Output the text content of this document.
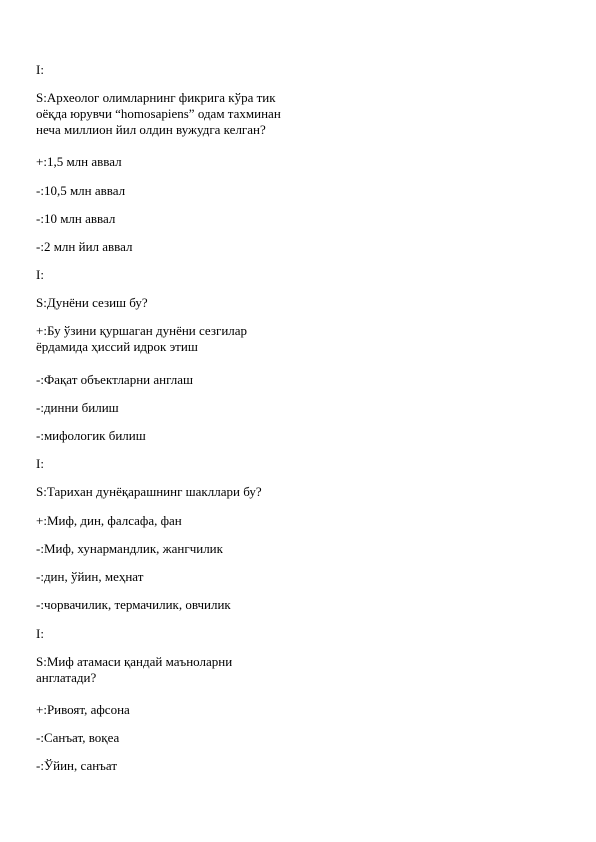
I:
S:Археолог олимларнинг фикрига кўра тик
оёқда юрувчи “homosapiens” одам тахминан
неча миллион йил олдин вужудга келган?
+:1,5 млн аввал
-:10,5 млн аввал
-:10 млн аввал
-:2 млн йил аввал
I:
S:Дунёни сезиш бу?
+:Бу ўзини қуршаган дунёни сезгилар
ёрдамида ҳиссий идрок этиш
-:Фақат объектларни англаш
-:динни билиш
-:мифологик билиш
I:
S:Тарихан дунёқарашнинг шакллари бу?
+:Миф, дин, фалсафа, фан
-:Миф, хунармандлик, жангчилик
-:дин, ўйин, меҳнат
-:чорвачилик, термачилик, овчилик
I:
S:Миф атамаси қандай маъноларни
англатади?
+:Ривоят, афсона
-:Санъат, воқеа
-:Ўйин, санъат
